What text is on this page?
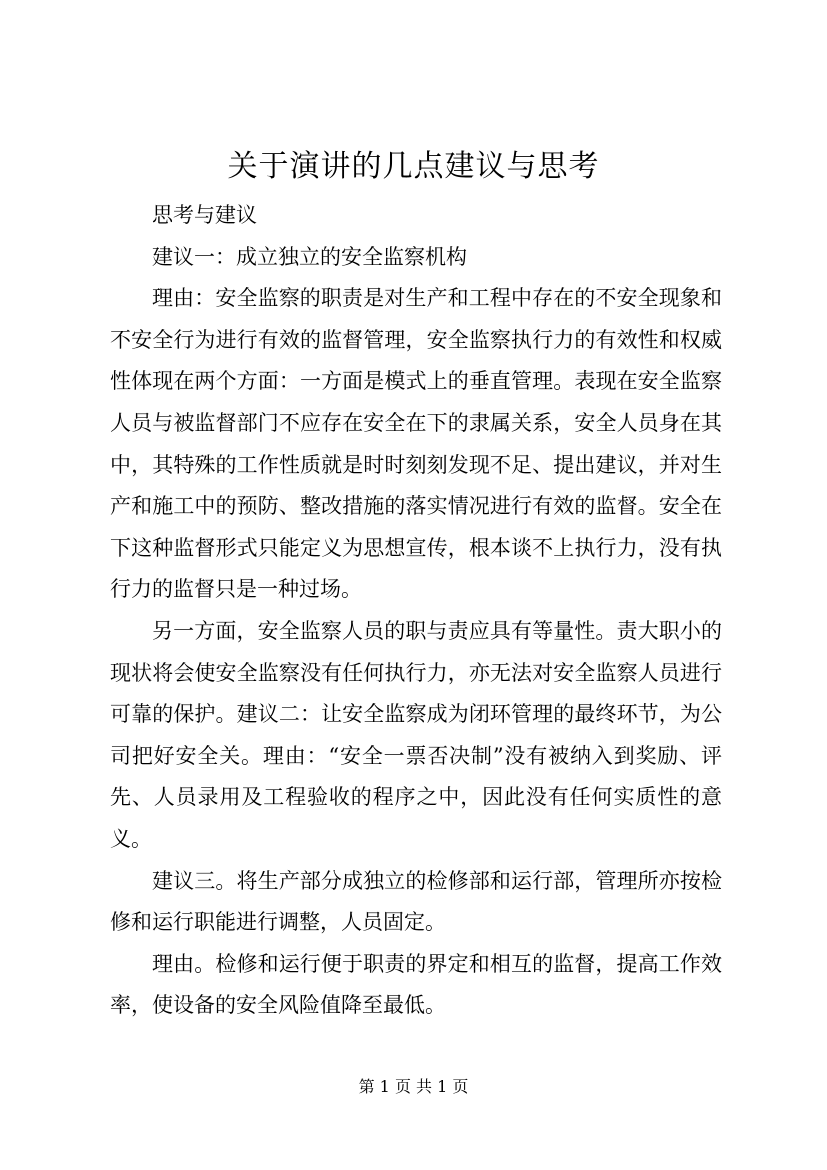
关于演讲的几点建议与思考

思考与建议

建议一：成立独立的安全监察机构

理由：安全监察的职责是对生产和工程中存在的不安全现象和不安全行为进行有效的监督管理，安全监察执行力的有效性和权威性体现在两个方面：一方面是模式上的垂直管理。表现在安全监察人员与被监督部门不应存在安全在下的隶属关系，安全人员身在其中，其特殊的工作性质就是时时刻刻发现不足、提出建议，并对生产和施工中的预防、整改措施的落实情况进行有效的监督。安全在下这种监督形式只能定义为思想宣传，根本谈不上执行力，没有执行力的监督只是一种过场。

另一方面，安全监察人员的职与责应具有等量性。责大职小的现状将会使安全监察没有任何执行力，亦无法对安全监察人员进行可靠的保护。建议二：让安全监察成为闭环管理的最终环节，为公司把好安全关。理由：“安全一票否决制”没有被纳入到奖励、评先、人员录用及工程验收的程序之中，因此没有任何实质性的意义。

建议三。将生产部分成独立的检修部和运行部，管理所亦按检修和运行职能进行调整，人员固定。

理由。检修和运行便于职责的界定和相互的监督，提高工作效率，使设备的安全风险值降至最低。

第 1 页 共 1 页
